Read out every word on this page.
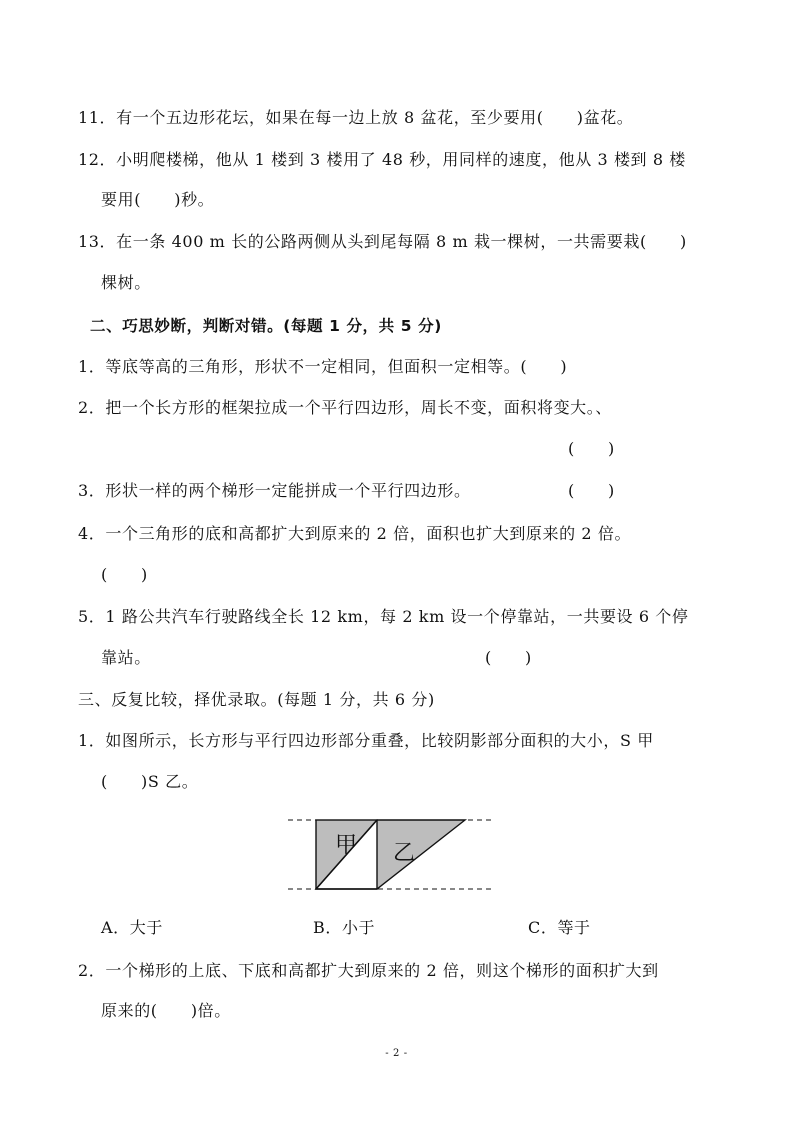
11．有一个五边形花坛，如果在每一边上放 8 盆花，至少要用(　　)盆花。
12．小明爬楼梯，他从 1 楼到 3 楼用了 48 秒，用同样的速度，他从 3 楼到 8 楼
要用(　　)秒。
13．在一条 400 m 长的公路两侧从头到尾每隔 8 m 栽一棵树，一共需要栽(　　)
棵树。
二、巧思妙断，判断对错。(每题 1 分，共 5 分)
1．等底等高的三角形，形状不一定相同，但面积一定相等。(　　)
2．把一个长方形的框架拉成一个平行四边形，周长不变，面积将变大。、
(　　)
3．形状一样的两个梯形一定能拼成一个平行四边形。	(　　)
4．一个三角形的底和高都扩大到原来的 2 倍，面积也扩大到原来的 2 倍。
(　　)
5．1 路公共汽车行驶路线全长 12 km，每 2 km 设一个停靠站，一共要设 6 个停
靠站。	(　　)
三、反复比较，择优录取。(每题 1 分，共 6 分)
1．如图所示，长方形与平行四边形部分重叠，比较阴影部分面积的大小，S 甲
(　　)S 乙。
甲 乙
A．大于	B．小于	C．等于
2．一个梯形的上底、下底和高都扩大到原来的 2 倍，则这个梯形的面积扩大到
原来的(　　)倍。
- 2 -
